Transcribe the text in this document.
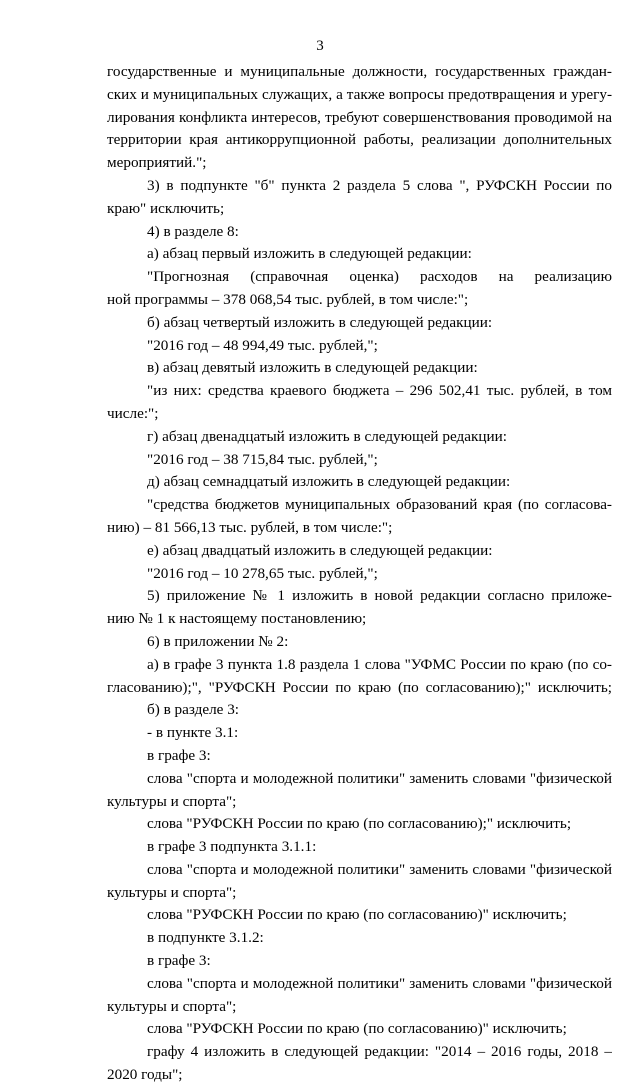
3
государственные и муниципальные должности, государственных граждан-
ских и муниципальных служащих, а также вопросы предотвращения и урегу-
лирования конфликта интересов, требуют совершенствования проводимой на
территории края антикоррупционной работы, реализации дополнительных
мероприятий.";
3) в подпункте "б" пункта 2 раздела 5 слова ", РУФСКН России по
краю" исключить;
4) в разделе 8:
а) абзац первый изложить в следующей редакции:
"Прогнозная (справочная оценка) расходов на реализацию
ной программы – 378 068,54 тыс. рублей, в том числе:";
б) абзац четвертый изложить в следующей редакции:
"2016 год – 48 994,49 тыс. рублей,";
в) абзац девятый изложить в следующей редакции:
"из них: средства краевого бюджета – 296 502,41 тыс. рублей, в том
числе:";
г) абзац двенадцатый изложить в следующей редакции:
"2016 год – 38 715,84 тыс. рублей,";
д) абзац семнадцатый изложить в следующей редакции:
"средства бюджетов муниципальных образований края (по согласова-
нию) – 81 566,13 тыс. рублей, в том числе:";
е) абзац двадцатый изложить в следующей редакции:
"2016 год – 10 278,65 тыс. рублей,";
5) приложение № 1 изложить в новой редакции согласно приложе-
нию № 1 к настоящему постановлению;
6) в приложении № 2:
а) в графе 3 пункта 1.8 раздела 1 слова "УФМС России по краю (по со-
гласованию);", "РУФСКН России по краю (по согласованию);" исключить;
б) в разделе 3:
- в пункте 3.1:
в графе 3:
слова "спорта и молодежной политики" заменить словами "физической
культуры и спорта";
слова "РУФСКН России по краю (по согласованию);" исключить;
в графе 3 подпункта 3.1.1:
слова "спорта и молодежной политики" заменить словами "физической
культуры и спорта";
слова "РУФСКН России по краю (по согласованию)" исключить;
в подпункте 3.1.2:
в графе 3:
слова "спорта и молодежной политики" заменить словами "физической
культуры и спорта";
слова "РУФСКН России по краю (по согласованию)" исключить;
графу 4 изложить в следующей редакции: "2014 – 2016 годы, 2018 –
2020 годы";
